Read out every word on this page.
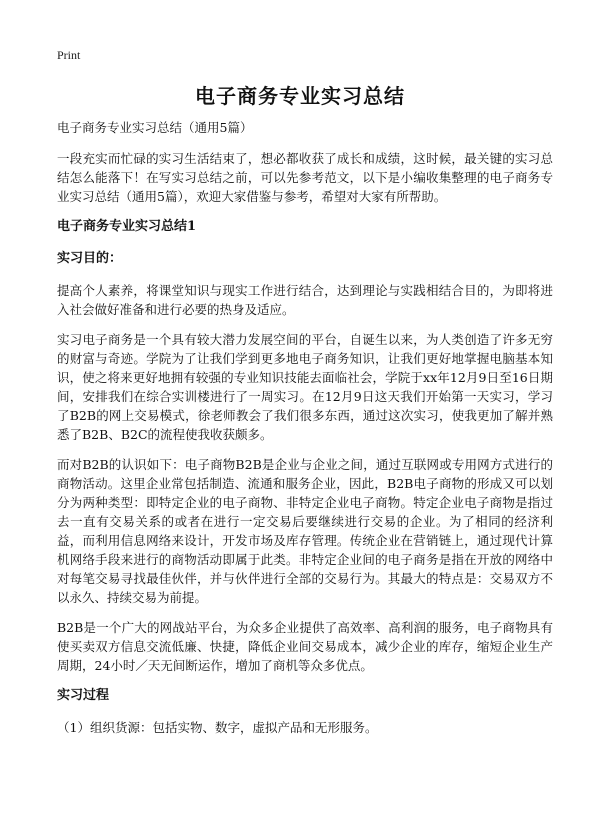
Print
电子商务专业实习总结

电子商务专业实习总结（通用5篇）

一段充实而忙碌的实习生活结束了，想必都收获了成长和成绩，这时候，最关键的实习总结怎么能落下！在写实习总结之前，可以先参考范文，以下是小编收集整理的电子商务专业实习总结（通用5篇），欢迎大家借鉴与参考，希望对大家有所帮助。

电子商务专业实习总结1
实习目的：

提高个人素养，将课堂知识与现实工作进行结合，达到理论与实践相结合目的，为即将进入社会做好准备和进行必要的热身及适应。

实习电子商务是一个具有较大潜力发展空间的平台，自诞生以来，为人类创造了许多无穷的财富与奇迹。学院为了让我们学到更多地电子商务知识，让我们更好地掌握电脑基本知识，使之将来更好地拥有较强的专业知识技能去面临社会，学院于xx年12月9日至16日期间，安排我们在综合实训楼进行了一周实习。在12月9日这天我们开始第一天实习，学习了B2B的网上交易模式，徐老师教会了我们很多东西，通过这次实习，使我更加了解并熟悉了B2B、B2C的流程使我收获颇多。

而对B2B的认识如下：电子商物B2B是企业与企业之间，通过互联网或专用网方式进行的商物活动。这里企业常包括制造、流通和服务企业，因此，B2B电子商物的形成又可以划分为两种类型：即特定企业的电子商物、非特定企业电子商物。特定企业电子商物是指过去一直有交易关系的或者在进行一定交易后要继续进行交易的企业。为了相同的经济利益，而利用信息网络来设计，开发市场及库存管理。传统企业在营销链上，通过现代计算机网络手段来进行的商物活动即属于此类。非特定企业间的电子商务是指在开放的网络中对每笔交易寻找最佳伙伴，并与伙伴进行全部的交易行为。其最大的特点是：交易双方不以永久、持续交易为前提。

B2B是一个广大的网战站平台，为众多企业提供了高效率、高利润的服务，电子商物具有使买卖双方信息交流低廉、快捷，降低企业间交易成本，减少企业的库存，缩短企业生产周期，24小时／天无间断运作，增加了商机等众多优点。

实习过程

（1）组织货源：包括实物、数字，虚拟产品和无形服务。
